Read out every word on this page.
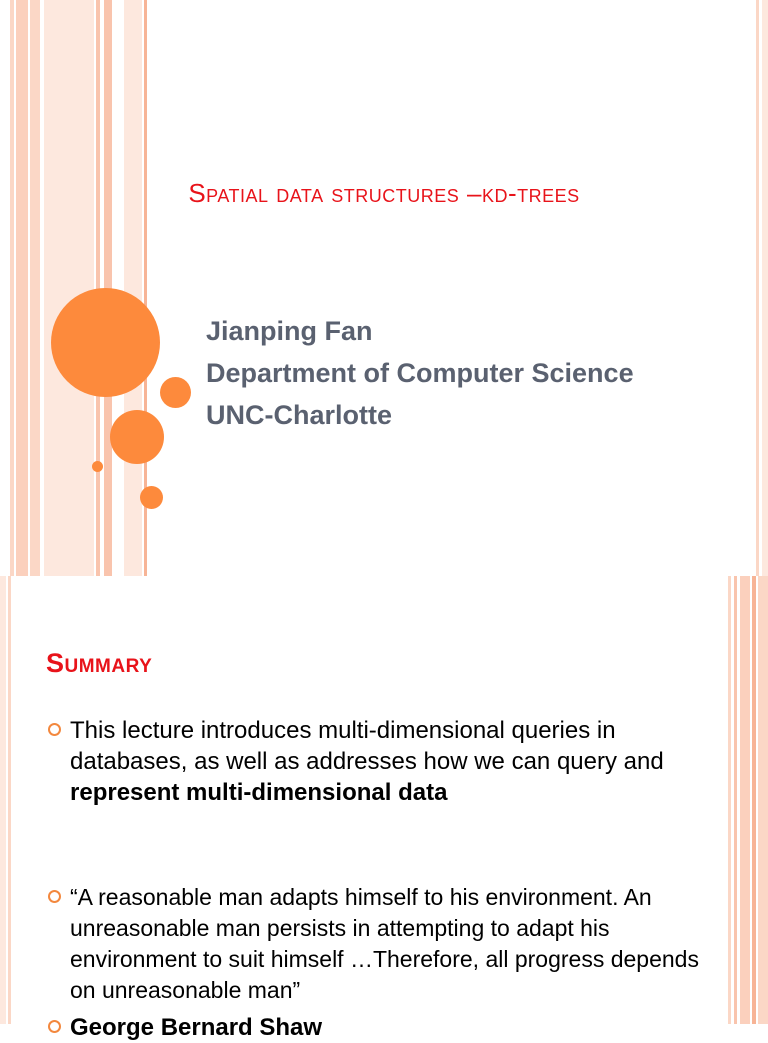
Spatial data structures –kd-trees
Jianping Fan
Department of Computer Science
UNC-Charlotte
Summary
This lecture introduces multi-dimensional queries in databases, as well as addresses how we can query and represent multi-dimensional data
“A reasonable man adapts himself to his environment. An unreasonable man persists in attempting to adapt his environment to suit himself …Therefore, all progress depends on unreasonable man”
George Bernard Shaw
